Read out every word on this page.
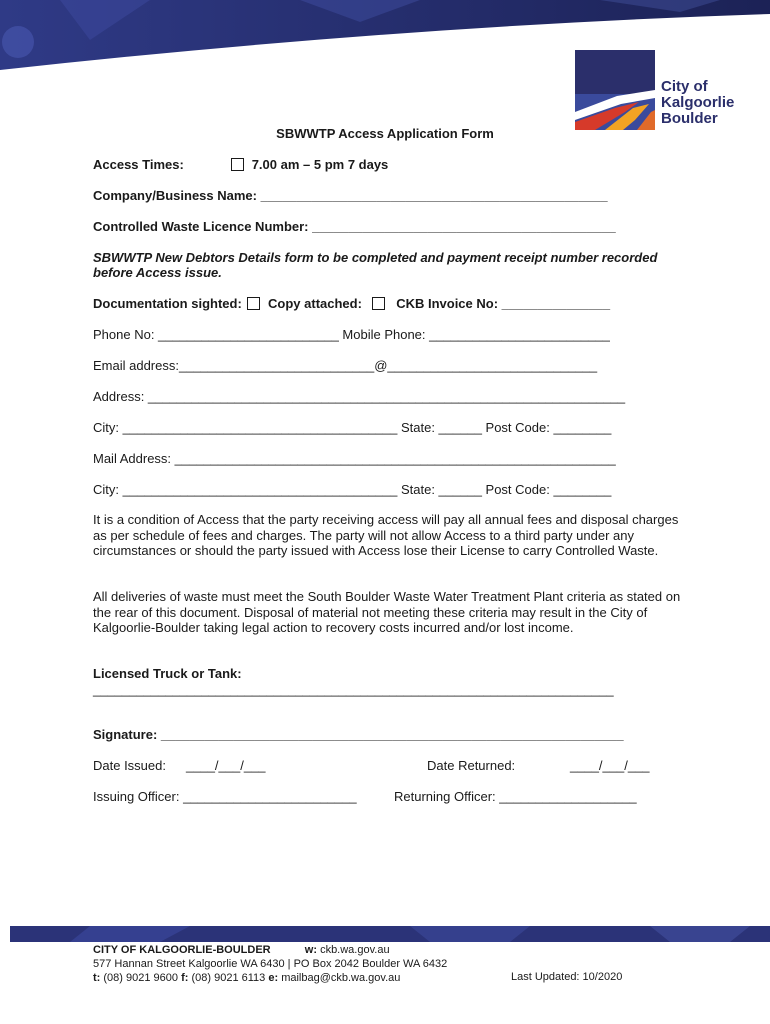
City of
Kalgoorlie
Boulder
SBWWTP Access Application Form
Access Times:	7.00 am – 5 pm 7 days
Company/Business Name: ________________________________________________
Controlled Waste Licence Number: __________________________________________
SBWWTP New Debtors Details form to be completed and payment receipt number recorded before Access issue.
Documentation sighted: Copy attached:	CKB Invoice No: _______________
Phone No: _________________________ Mobile Phone: _________________________
Email address:___________________________@_____________________________
Address: __________________________________________________________________
City: ______________________________________ State: ______ Post Code: ________
Mail Address: _____________________________________________________________
City: ______________________________________ State: ______ Post Code: ________
It is a condition of Access that the party receiving access will pay all annual fees and disposal charges as per schedule of fees and charges. The party will not allow Access to a third party under any circumstances or should the party issued with Access lose their License to carry Controlled Waste.
All deliveries of waste must meet the South Boulder Waste Water Treatment Plant criteria as stated on the rear of this document. Disposal of material not meeting these criteria may result in the City of Kalgoorlie-Boulder taking legal action to recovery costs incurred and/or lost income.
Licensed Truck or Tank:
________________________________________________________________________
Signature: ________________________________________________________________
Date Issued: ____/___/___	Date Returned:	____/___/___
Issuing Officer: ________________________	Returning Officer: ___________________
CITY OF KALGOORLIE-BOULDER	w: ckb.wa.gov.au
577 Hannan Street Kalgoorlie WA 6430 | PO Box 2042 Boulder WA 6432
t: (08) 9021 9600 f: (08) 9021 6113 e: mailbag@ckb.wa.gov.au	Last Updated: 10/2020
